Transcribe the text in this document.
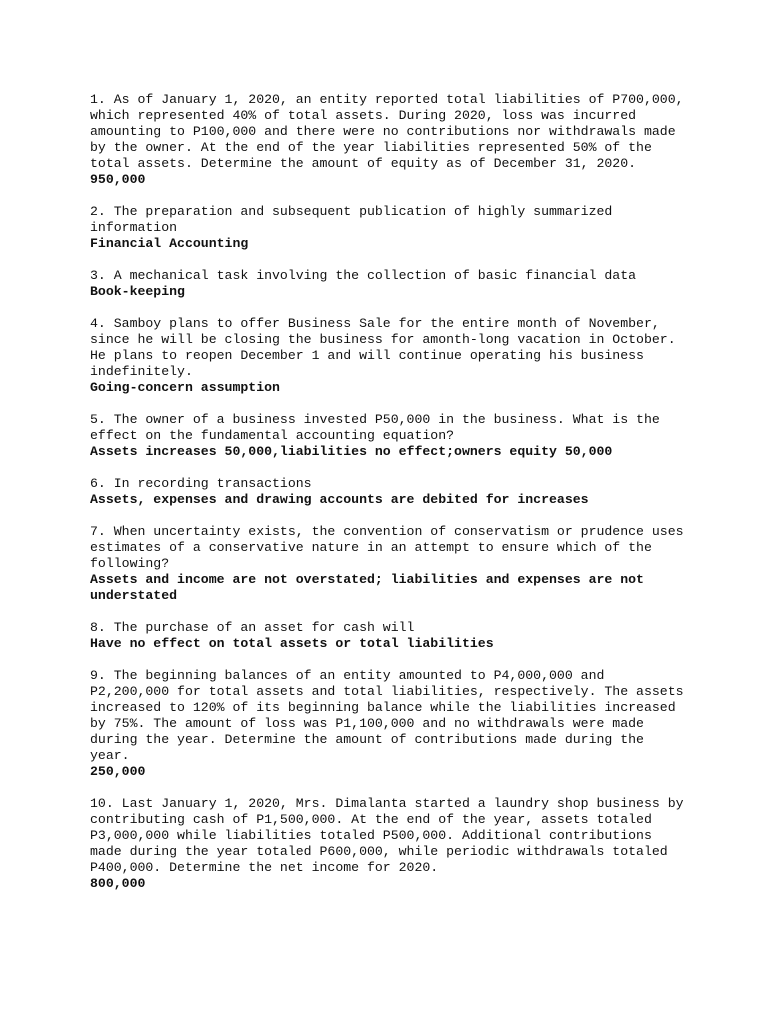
1. As of January 1, 2020, an entity reported total liabilities of P700,000, which represented 40% of total assets. During 2020, loss was incurred amounting to P100,000 and there were no contributions nor withdrawals made by the owner. At the end of the year liabilities represented 50% of the total assets. Determine the amount of equity as of December 31, 2020.

950,000

2. The preparation and subsequent publication of highly summarized information

Financial Accounting

3. A mechanical task involving the collection of basic financial data

Book-keeping

4. Samboy plans to offer Business Sale for the entire month of November, since he will be closing the business for amonth-long vacation in October. He plans to reopen December 1 and will continue operating his business indefinitely.

Going-concern assumption

5. The owner of a business invested P50,000 in the business. What is the effect on the fundamental accounting equation?

Assets increases 50,000,liabilities no effect;owners equity 50,000

6. In recording transactions

Assets, expenses and drawing accounts are debited for increases

7. When uncertainty exists, the convention of conservatism or prudence uses estimates of a conservative nature in an attempt to ensure which of the following?

Assets and income are not overstated; liabilities and expenses are not understated

8. The purchase of an asset for cash will

Have no effect on total assets or total liabilities

9. The beginning balances of an entity amounted to P4,000,000 and P2,200,000 for total assets and total liabilities, respectively. The assets increased to 120% of its beginning balance while the liabilities increased by 75%. The amount of loss was P1,100,000 and no withdrawals were made during the year. Determine the amount of contributions made during the year.

250,000

10. Last January 1, 2020, Mrs. Dimalanta started a laundry shop business by contributing cash of P1,500,000. At the end of the year, assets totaled P3,000,000 while liabilities totaled P500,000. Additional contributions made during the year totaled P600,000, while periodic withdrawals totaled P400,000. Determine the net income for 2020.

800,000
